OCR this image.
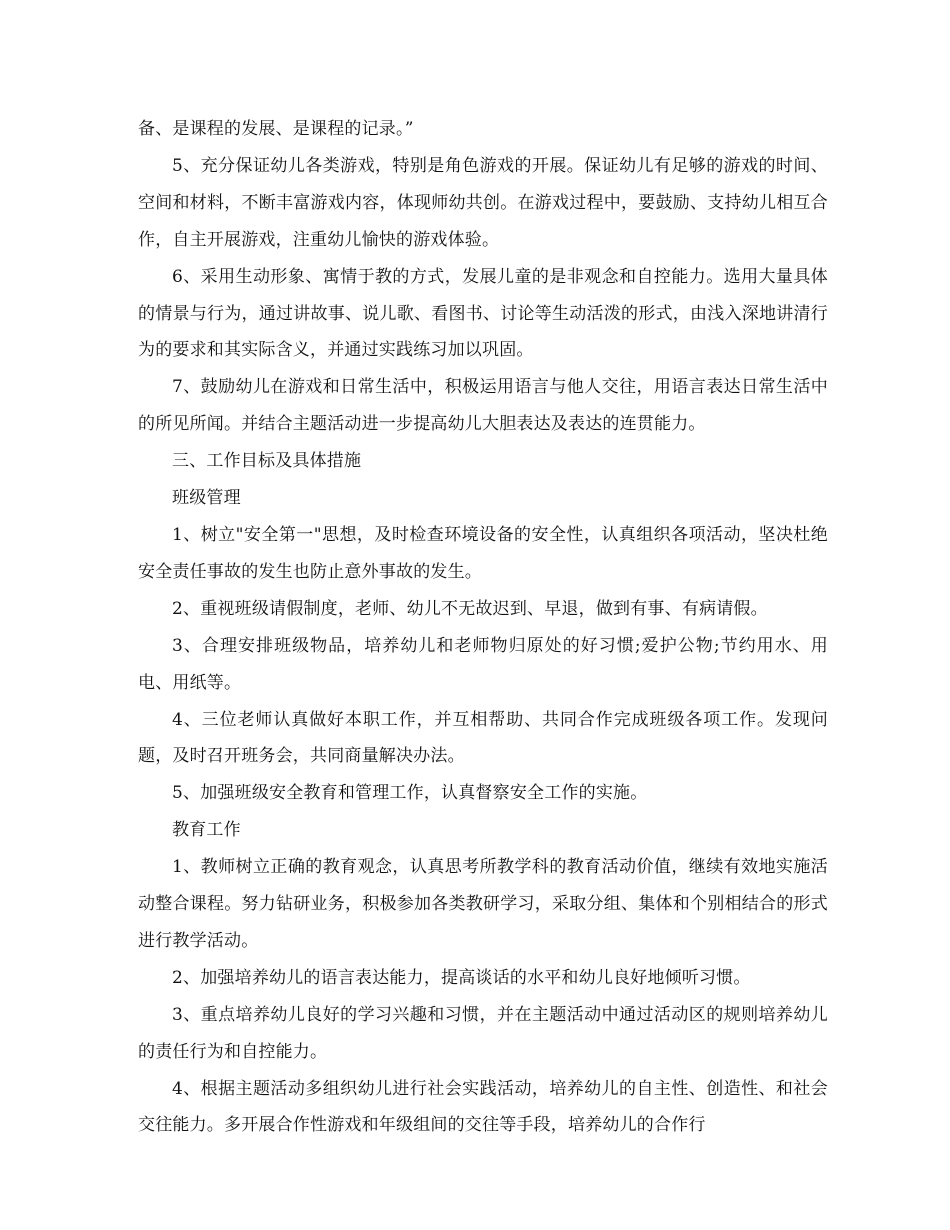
备、是课程的发展、是课程的记录。”

5、充分保证幼儿各类游戏，特别是角色游戏的开展。保证幼儿有足够的游戏的时间、空间和材料，不断丰富游戏内容，体现师幼共创。在游戏过程中，要鼓励、支持幼儿相互合作，自主开展游戏，注重幼儿愉快的游戏体验。

6、采用生动形象、寓情于教的方式，发展儿童的是非观念和自控能力。选用大量具体的情景与行为，通过讲故事、说儿歌、看图书、讨论等生动活泼的形式，由浅入深地讲清行为的要求和其实际含义，并通过实践练习加以巩固。

7、鼓励幼儿在游戏和日常生活中，积极运用语言与他人交往，用语言表达日常生活中的所见所闻。并结合主题活动进一步提高幼儿大胆表达及表达的连贯能力。

三、工作目标及具体措施

班级管理

1、树立"安全第一"思想，及时检查环境设备的安全性，认真组织各项活动，坚决杜绝安全责任事故的发生也防止意外事故的发生。

2、重视班级请假制度，老师、幼儿不无故迟到、早退，做到有事、有病请假。

3、合理安排班级物品，培养幼儿和老师物归原处的好习惯;爱护公物;节约用水、用电、用纸等。

4、三位老师认真做好本职工作，并互相帮助、共同合作完成班级各项工作。发现问题，及时召开班务会，共同商量解决办法。

5、加强班级安全教育和管理工作，认真督察安全工作的实施。

教育工作

1、教师树立正确的教育观念，认真思考所教学科的教育活动价值，继续有效地实施活动整合课程。努力钻研业务，积极参加各类教研学习，采取分组、集体和个别相结合的形式进行教学活动。

2、加强培养幼儿的语言表达能力，提高谈话的水平和幼儿良好地倾听习惯。

3、重点培养幼儿良好的学习兴趣和习惯，并在主题活动中通过活动区的规则培养幼儿的责任行为和自控能力。

4、根据主题活动多组织幼儿进行社会实践活动，培养幼儿的自主性、创造性、和社会交往能力。多开展合作性游戏和年级组间的交往等手段，培养幼儿的合作行
